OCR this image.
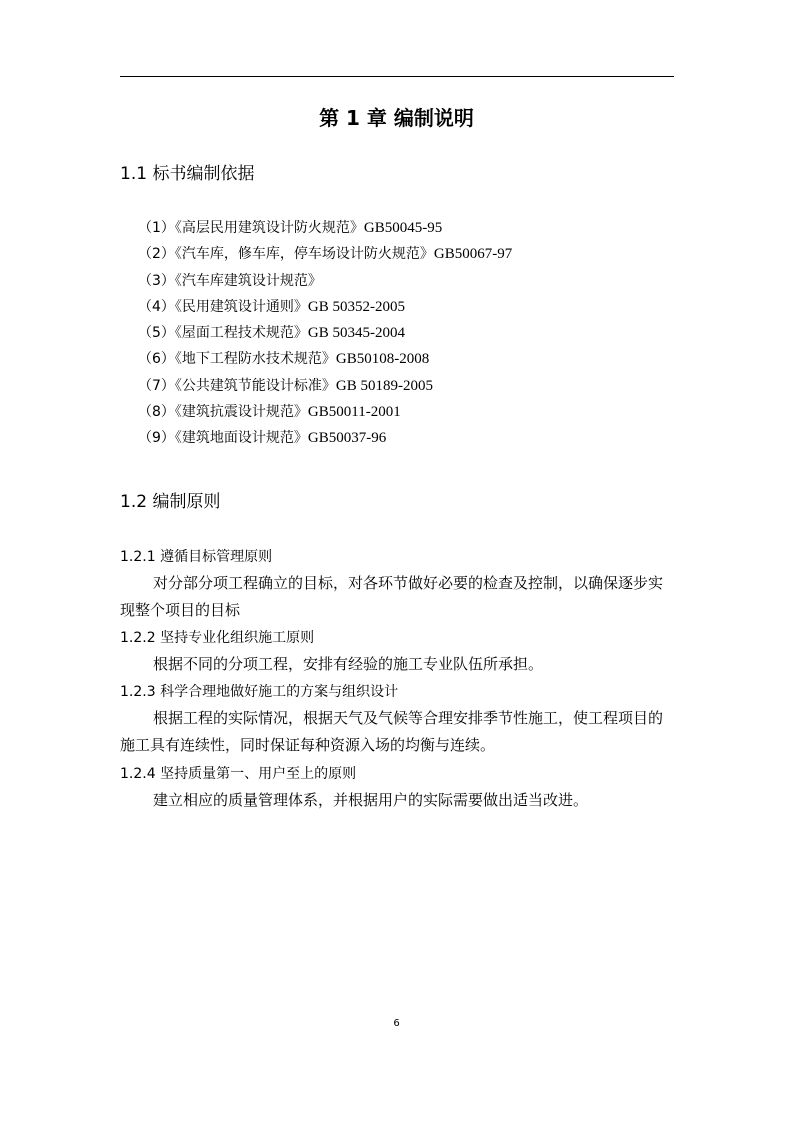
第 1 章 编制说明
1.1 标书编制依据
（1）《高层民用建筑设计防火规范》GB50045-95
（2）《汽车库，修车库，停车场设计防火规范》GB50067-97
（3）《汽车库建筑设计规范》
（4）《民用建筑设计通则》GB 50352-2005
（5）《屋面工程技术规范》GB 50345-2004
（6）《地下工程防水技术规范》GB50108-2008
（7）《公共建筑节能设计标准》GB 50189-2005
（8）《建筑抗震设计规范》GB50011-2001
（9）《建筑地面设计规范》GB50037-96
1.2 编制原则
1.2.1 遵循目标管理原则

对分部分项工程确立的目标，对各环节做好必要的检查及控制，以确保逐步实现整个项目的目标

1.2.2 坚持专业化组织施工原则

根据不同的分项工程，安排有经验的施工专业队伍所承担。

1.2.3 科学合理地做好施工的方案与组织设计

根据工程的实际情况，根据天气及气候等合理安排季节性施工，使工程项目的施工具有连续性，同时保证每种资源入场的均衡与连续。

1.2.4 坚持质量第一、用户至上的原则

建立相应的质量管理体系，并根据用户的实际需要做出适当改进。

6
